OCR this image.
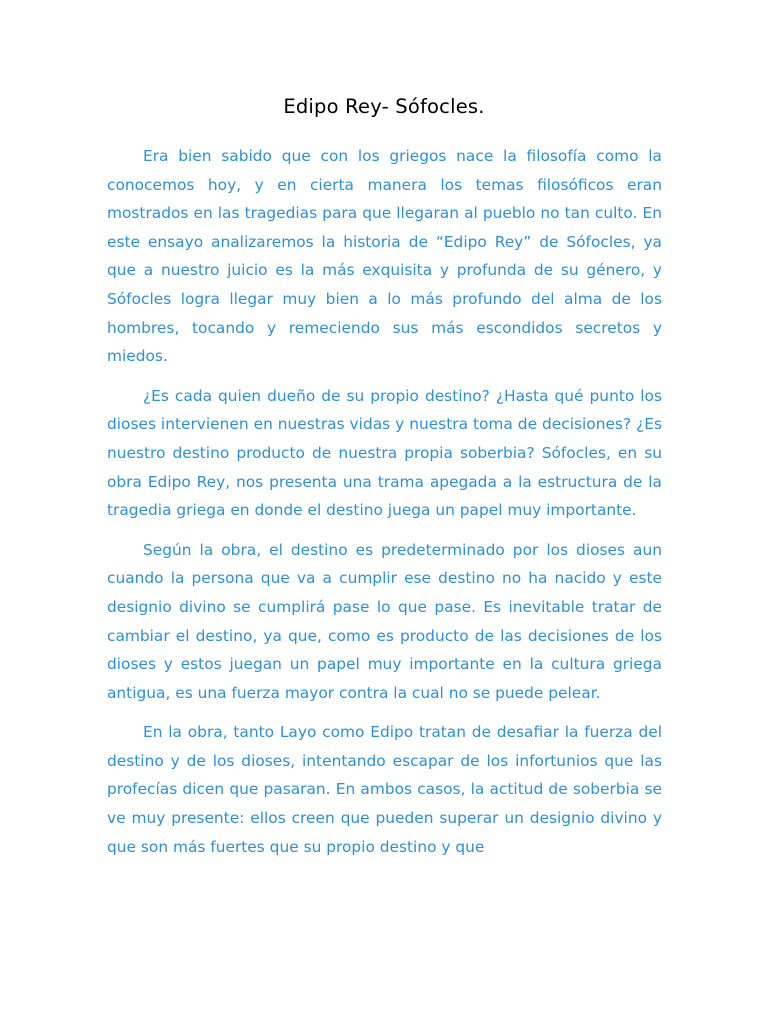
Edipo Rey- Sófocles.

Era bien sabido que con los griegos nace la filosofía como la conocemos hoy, y en cierta manera los temas filosóficos eran mostrados en las tragedias para que llegaran al pueblo no tan culto. En este ensayo analizaremos la historia de “Edipo Rey” de Sófocles, ya que a nuestro juicio es la más exquisita y profunda de su género, y Sófocles logra llegar muy bien a lo más profundo del alma de los hombres, tocando y remeciendo sus más escondidos secretos y miedos.

¿Es cada quien dueño de su propio destino? ¿Hasta qué punto los dioses intervienen en nuestras vidas y nuestra toma de decisiones? ¿Es nuestro destino producto de nuestra propia soberbia? Sófocles, en su obra Edipo Rey, nos presenta una trama apegada a la estructura de la tragedia griega en donde el destino juega un papel muy importante.

Según la obra, el destino es predeterminado por los dioses aun cuando la persona que va a cumplir ese destino no ha nacido y este designio divino se cumplirá pase lo que pase. Es inevitable tratar de cambiar el destino, ya que, como es producto de las decisiones de los dioses y estos juegan un papel muy importante en la cultura griega antigua, es una fuerza mayor contra la cual no se puede pelear.

En la obra, tanto Layo como Edipo tratan de desafiar la fuerza del destino y de los dioses, intentando escapar de los infortunios que las profecías dicen que pasaran. En ambos casos, la actitud de soberbia se ve muy presente: ellos creen que pueden superar un designio divino y que son más fuertes que su propio destino y que
